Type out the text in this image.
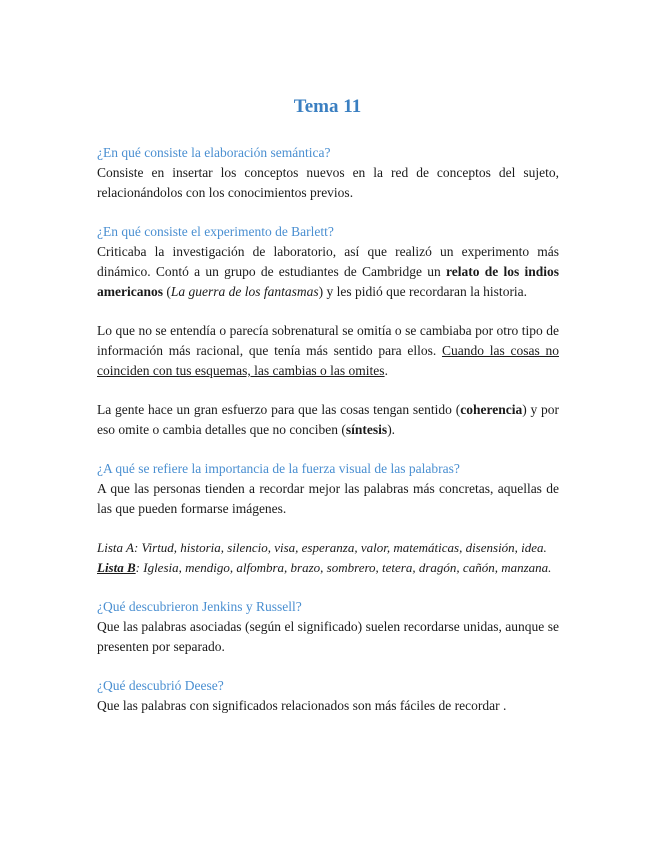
Tema 11

¿En qué consiste la elaboración semántica?

Consiste en insertar los conceptos nuevos en la red de conceptos del sujeto, relacionándolos con los conocimientos previos.

¿En qué consiste el experimento de Barlett?

Criticaba la investigación de laboratorio, así que realizó un experimento más dinámico. Contó a un grupo de estudiantes de Cambridge un relato de los indios americanos (La guerra de los fantasmas) y les pidió que recordaran la historia.

Lo que no se entendía o parecía sobrenatural se omitía o se cambiaba por otro tipo de información más racional, que tenía más sentido para ellos. Cuando las cosas no coinciden con tus esquemas, las cambias o las omites.

La gente hace un gran esfuerzo para que las cosas tengan sentido (coherencia) y por eso omite o cambia detalles que no conciben (síntesis).

¿A qué se refiere la importancia de la fuerza visual de las palabras?

A que las personas tienden a recordar mejor las palabras más concretas, aquellas de las que pueden formarse imágenes.

Lista A: Virtud, historia, silencio, visa, esperanza, valor, matemáticas, disensión, idea.

Lista B: Iglesia, mendigo, alfombra, brazo, sombrero, tetera, dragón, cañón, manzana.

¿Qué descubrieron Jenkins y Russell?

Que las palabras asociadas (según el significado) suelen recordarse unidas, aunque se presenten por separado.

¿Qué descubrió Deese?

Que las palabras con significados relacionados son más fáciles de recordar .
